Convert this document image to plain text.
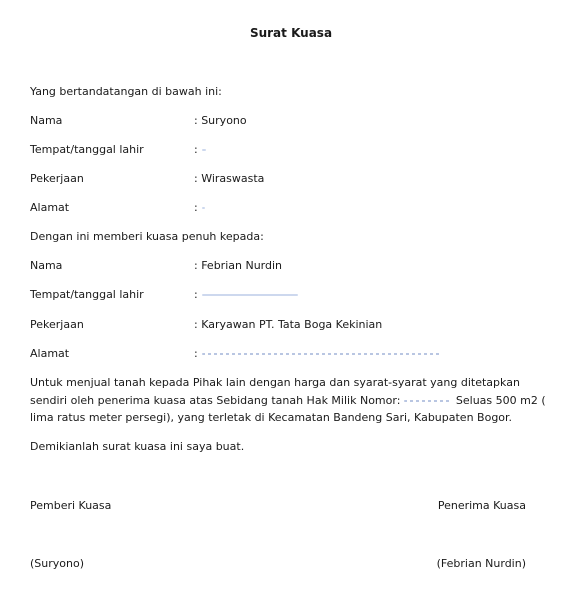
Surat Kuasa
Yang bertandatangan di bawah ini:
Nama	: Suryono
Tempat/tanggal lahir	:
Pekerjaan	: Wiraswasta
Alamat	:
Dengan ini memberi kuasa penuh kepada:
Nama	: Febrian Nurdin
Tempat/tanggal lahir	:
Pekerjaan	: Karyawan PT. Tata Boga Kekinian
Alamat	:
Untuk menjual tanah kepada Pihak lain dengan harga dan syarat-syarat yang ditetapkan sendiri oleh penerima kuasa atas Sebidang tanah Hak Milik Nomor:	Seluas 500 m2 ( lima ratus meter persegi), yang terletak di Kecamatan Bandeng Sari, Kabupaten Bogor.
Demikianlah surat kuasa ini saya buat.
Pemberi Kuasa	Penerima Kuasa
(Suryono)	(Febrian Nurdin)
